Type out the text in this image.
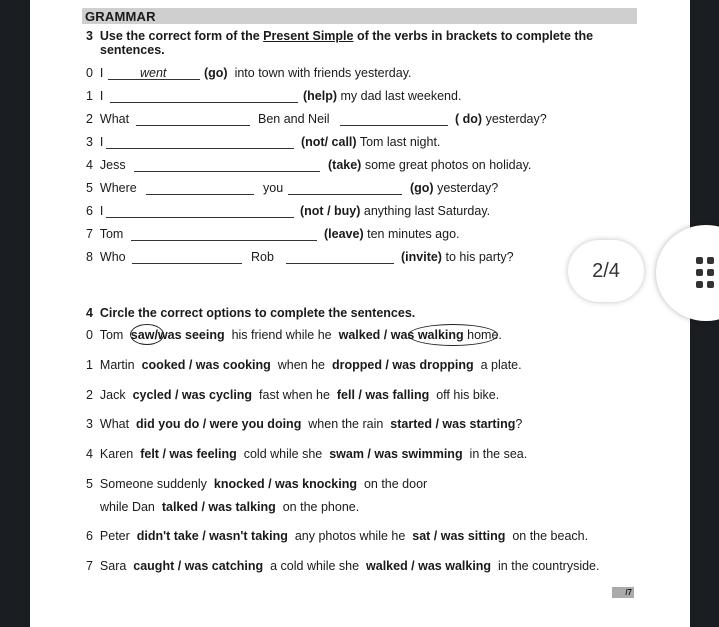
GRAMMAR
3 Use the correct form of the Present Simple of the verbs in brackets to complete the
sentences.
0 I	went	(go) into town with friends yesterday.
1 I	(help) my dad last weekend.
2 What	Ben and Neil	( do) yesterday?
3 I	(not/ call) Tom last night.
4 Jess	(take) some great photos on holiday.
5 Where	you	(go) yesterday?
6 I	(not / buy) anything last Saturday.
7 Tom	(leave) ten minutes ago.
8 Who	Rob	(invite) to his party?
4 Circle the correct options to complete the sentences.
0 Tom saw/was seeing his friend while he walked / was walking home.
1 Martin cooked / was cooking when he dropped / was dropping a plate.
2 Jack cycled / was cycling fast when he fell / was falling off his bike.
3 What did you do / were you doing when the rain started / was starting?
4 Karen felt / was feeling cold while she swam / was swimming in the sea.
5 Someone suddenly knocked / was knocking on the door
while Dan talked / was talking on the phone.
6 Peter didn't take / wasn't taking any photos while he sat / was sitting on the beach.
7 Sara caught / was catching a cold while she walked / was walking in the countryside.
/7
2/4
